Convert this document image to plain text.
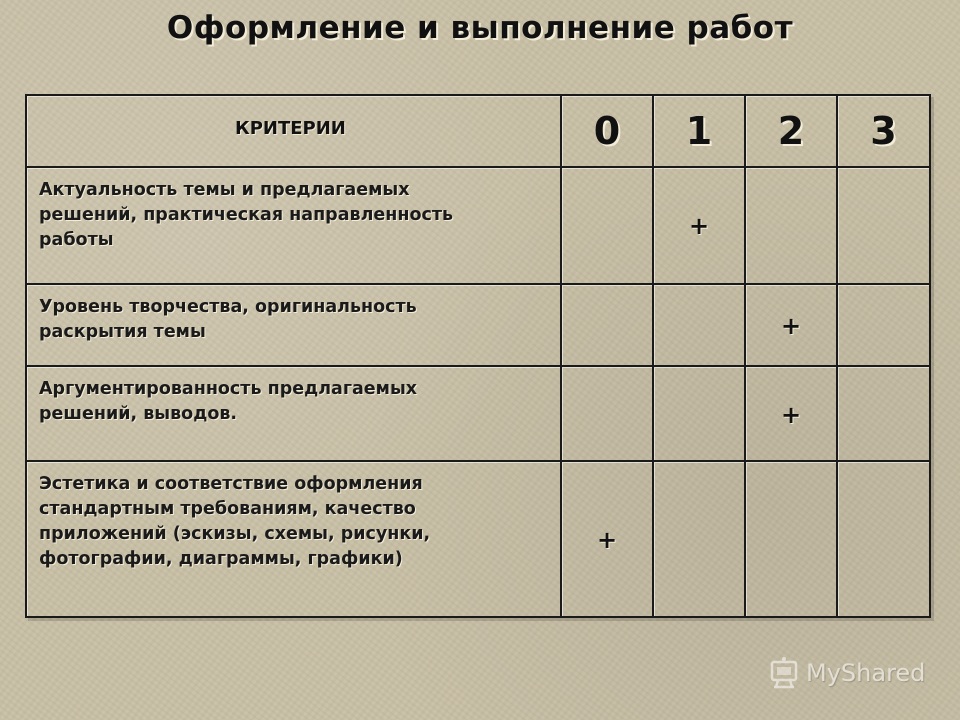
Оформление и выполнение работ
КРИТЕРИИ	0	1	2	3
Актуальность темы и предлагаемых
решений, практическая направленность
работы		+		
Уровень творчества, оригинальность
раскрытия темы			+	
Аргументированность предлагаемых
решений, выводов.			+	
Эстетика и соответствие оформления
стандартным требованиям, качество
приложений (эскизы, схемы, рисунки,
фотографии, диаграммы, графики)	+			
MyShared
